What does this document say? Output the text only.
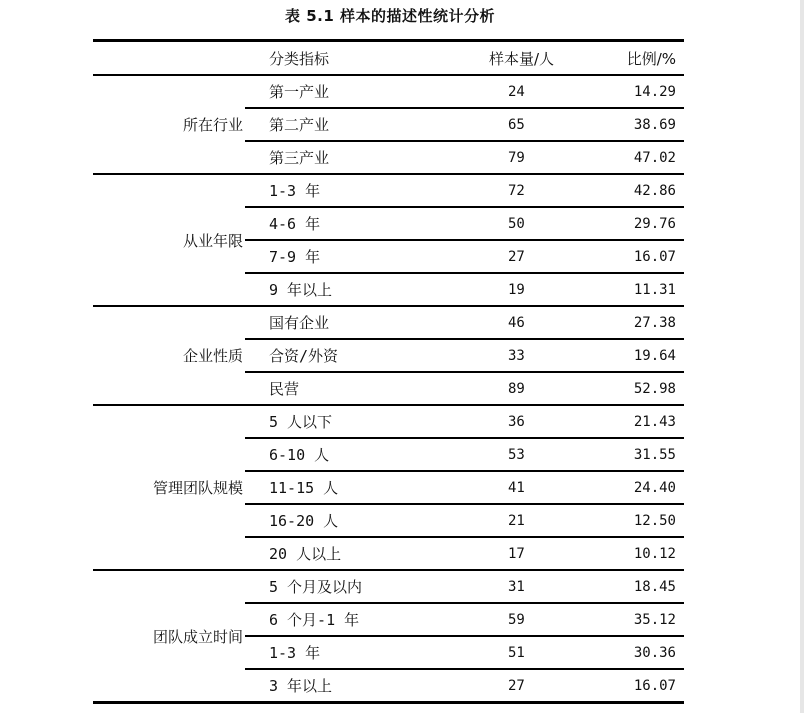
表 5.1 样本的描述性统计分析
	分类指标	样本量/人	比例/%
所在行业	第一产业	24	14.29
	第二产业	65	38.69
	第三产业	79	47.02
从业年限	1-3 年	72	42.86
	4-6 年	50	29.76
	7-9 年	27	16.07
	9 年以上	19	11.31
企业性质	国有企业	46	27.38
	合资/外资	33	19.64
	民营	89	52.98
管理团队规模	5 人以下	36	21.43
	6-10 人	53	31.55
	11-15 人	41	24.40
	16-20 人	21	12.50
	20 人以上	17	10.12
团队成立时间	5 个月及以内	31	18.45
	6 个月-1 年	59	35.12
	1-3 年	51	30.36
	3 年以上	27	16.07
